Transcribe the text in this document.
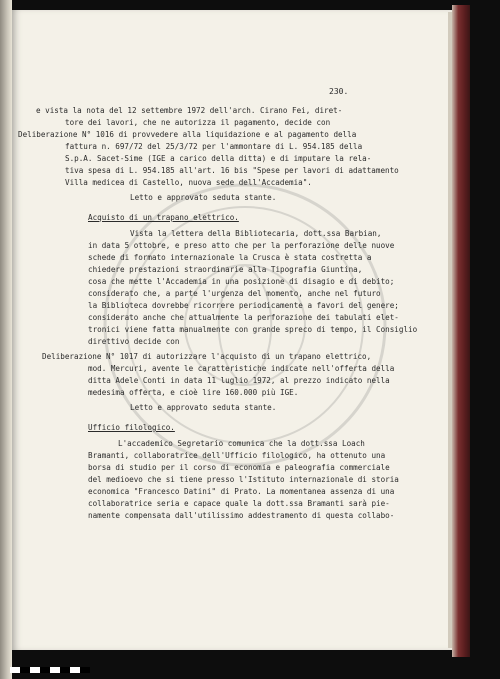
230.
e vista la nota del 12 settembre 1972 dell'arch. Cirano Fei, diret-
tore dei lavori, che ne autorizza il pagamento, decide con
Deliberazione N° 1016 di provvedere alla liquidazione e al pagamento della
fattura n. 697/72 del 25/3/72 per l'ammontare di L. 954.185 della
S.p.A. Sacet-Sime (IGE a carico della ditta) e di imputare la rela-
tiva spesa di L. 954.185 all'art. 16 bis "Spese per lavori di adattamento
Villa medicea di Castello, nuova sede dell'Accademia".
Letto e approvato seduta stante.
Acquisto di un trapano elettrico.
Vista la lettera della Bibliotecaria, dott.ssa Barbian,
in data 5 ottobre, e preso atto che per la perforazione delle nuove
schede di formato internazionale la Crusca è stata costretta a
chiedere prestazioni straordinarie alla Tipografia Giuntina,
cosa che mette l'Accademia in una posizione di disagio e di debito;
considerato che, a parte l'urgenza del momento, anche nel futuro
la Biblioteca dovrebbe ricorrere periodicamente a favori del genere;
considerato anche che attualmente la perforazione dei tabulati elet-
tronici viene fatta manualmente con grande spreco di tempo, il Consiglio
direttivo decide con
Deliberazione N° 1017 di autorizzare l'acquisto di un trapano elettrico,
mod. Mercuri, avente le caratteristiche indicate nell'offerta della
ditta Adele Conti in data 11 luglio 1972, al prezzo indicato nella
medesima offerta, e cioè lire 160.000 più IGE.
Letto e approvato seduta stante.
Ufficio filologico.
L'accademico Segretario comunica che la dott.ssa Loach
Bramanti, collaboratrice dell'Ufficio filologico, ha ottenuto una
borsa di studio per il corso di economia e paleografia commerciale
del medioevo che si tiene presso l'Istituto internazionale di storia
economica "Francesco Datini" di Prato. La momentanea assenza di una
collaboratrice seria e capace quale la dott.ssa Bramanti sarà pie-
namente compensata dall'utilissimo addestramento di questa collabo-
